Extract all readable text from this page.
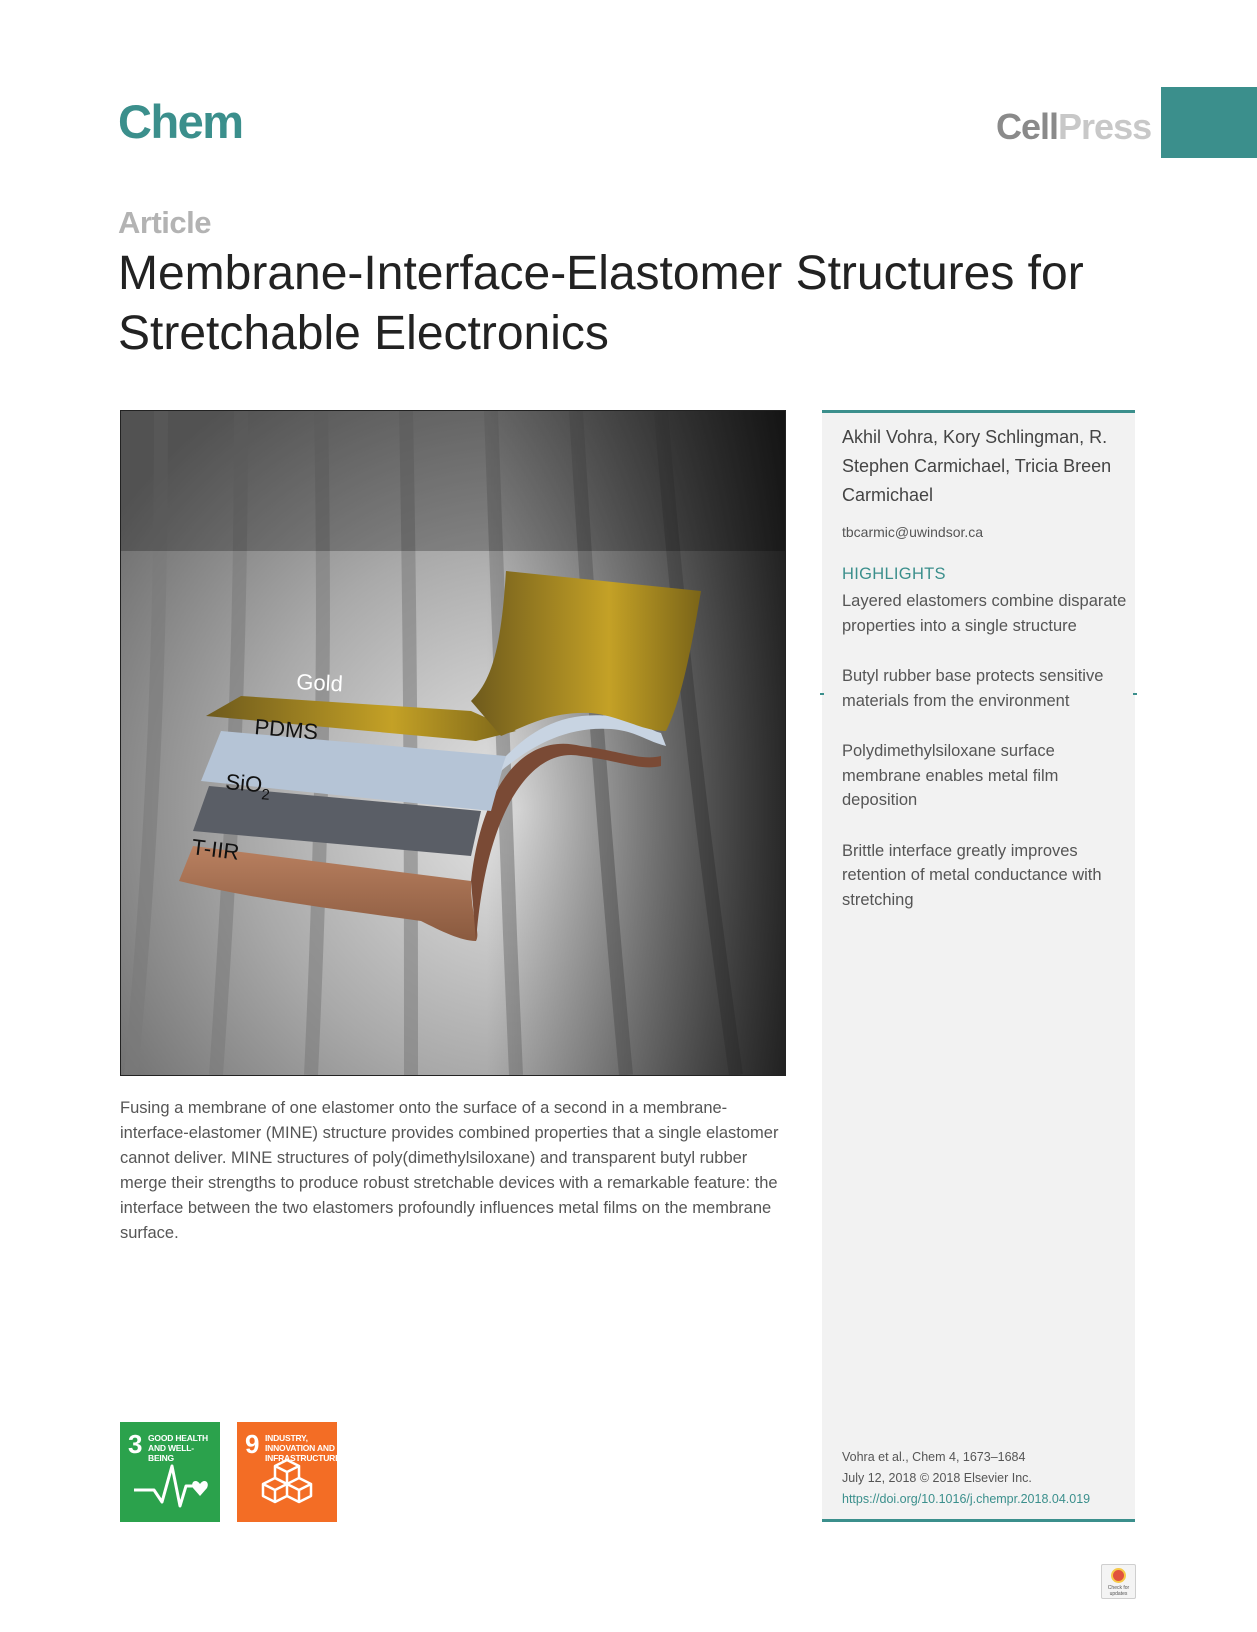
Chem	CellPress
Article
Membrane-Interface-Elastomer Structures for Stretchable Electronics
Gold
PDMS
SiO$_2$
T-IIR
Fusing a membrane of one elastomer onto the surface of a second in a membrane-interface-elastomer (MINE) structure provides combined properties that a single elastomer cannot deliver. MINE structures of poly(dimethylsiloxane) and transparent butyl rubber merge their strengths to produce robust stretchable devices with a remarkable feature: the interface between the two elastomers profoundly influences metal films on the membrane surface.
Akhil Vohra, Kory Schlingman, R. Stephen Carmichael, Tricia Breen Carmichael
tbcarmic@uwindsor.ca
HIGHLIGHTS
Layered elastomers combine disparate properties into a single structure
Butyl rubber base protects sensitive materials from the environment
Polydimethylsiloxane surface membrane enables metal film deposition
Brittle interface greatly improves retention of metal conductance with stretching
Vohra et al., Chem 4, 1673–1684
July 12, 2018 © 2018 Elsevier Inc.
https://doi.org/10.1016/j.chempr.2018.04.019
3 GOOD HEALTH AND WELL-BEING	9 INDUSTRY, INNOVATION AND INFRASTRUCTURE
Check for updates
